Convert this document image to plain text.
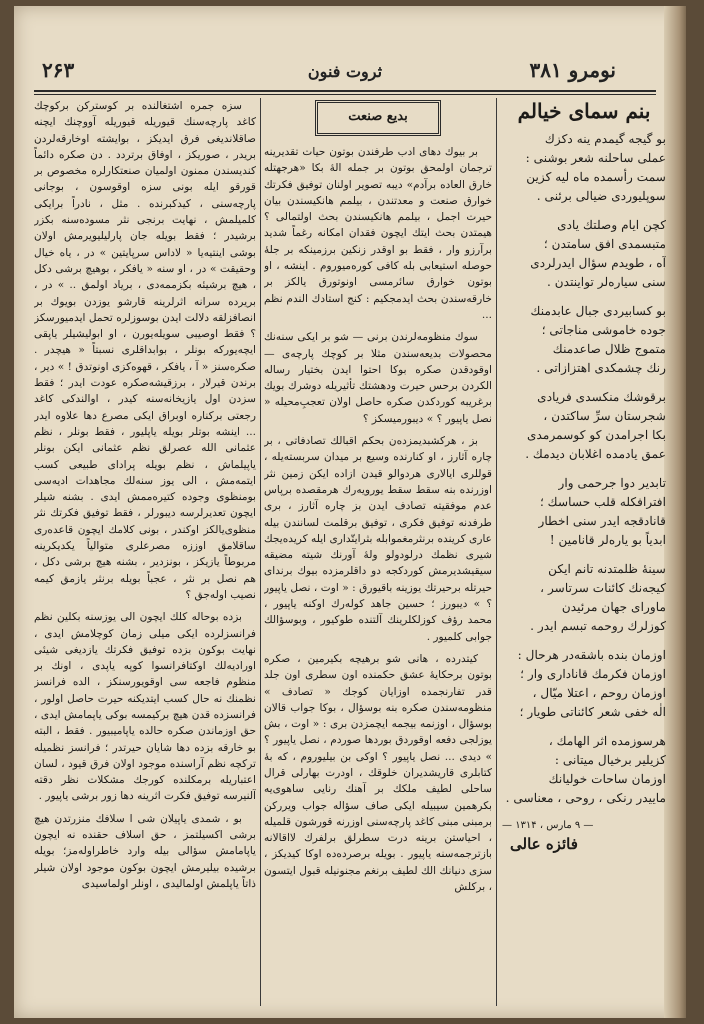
نومرو ۳۸۱
ثروت فنون
۲۶۳
بنم سمای خیالم
بو گیجه گیمدم ینه دکزك
عملی ساحلنه شعر بوشنی :
سمت رأسمده ماه لیه کزین
سوپلیوردی ضیالی برئنی .
کچن ایام وصلتك یادی
متبسمدی افق سامتدن ؛
آه ، طویدم سؤال ایدرلردی
سنی سیاره‌لر تواینتدن .
بو کسابیردی جبال عابدمنك
جوده خاموشی مناجاتی ؛
متموج ظلال صاعدمنك
رنك چشمکدی اهتزازاتی .
برقوشك منکسدی فریادی
شجرستان سرِّ ساکتدن ،
بکا اجرامدن کو کوسمرمدی
عمق یادمده اغلابان دیدمك .
تابدیر دوا جرحمی وار
افترافکله قلب حساسك ؛
قانادقجه ایدر سنی اخطار
ابدیاً بو یاره‌لر قانامین !
سینهٔ ظلمتدنه تا‌نم ایکن
کیجه‌نك کائنات سرتاسر ،
ماورای جهان مرئیدن
کوزلرك روحمه تبسم ایدر .
اوزمان بنده باشقه‌در هرحال :
اوزمان فکرمك قاناداری وار ؛
اوزمان روحم ، اعتلا میّال ،
الٰه خفی شعر کائناتی طویار ؛
هرسوزمده اثر الهامك ،
کزیلیر برخیال میتانی :
اوزمان ساحات خولیانك
ماییدر رنکی ، روحی ، معناسی .
— ۹ مارس ، ۱۳۱۴ —
فائزه عالی
بدیع صنعت

بر بیوك دهای ادب طرفندن بوتون حیات تقدیرینه ترجمان اولمحق بوتون بر جمله الهٔ بکا «هرجهتله خارق العاده برآدم» دیبه تصویر اولنان توفیق فکرتك خوارق صنعت و معدتندن ، بیلمم هانکیسندن بیان حیرت اجمل ، بیلمم هانکیسندن بحث اولتمالی ؟ هیمتدن بحث ایتك ایچون فقدان امکانه رغماً شدید برآرزو وار ، فقط بو اوقدر زنکین برزمینکه بر جلهٔ حوصله استیعابی بله کافی کوره‌میوروم . اینشه ، او بوتون خوارق سائرمسی اونوتورق یالکز بر خارقه‌سندن بحث ایدمجکیم : کنج استادك الندم نظم ...

سوك منظومه‌لرندن برنی — شو بر ایکی سنه‌نك محصولات بدیعه‌سندن مثلا بر کوچك پارچه‌ی — اوقودقدن صکره بوکا احتوا ایدن بختیار رساله الکردن برحس حیرت ودهشتك تأثیریله دوشرك بویك برغریبه کوردکدن صکره حاصل اولان تعجب‌ِمحیله « نصل یاپیور ؟ » دیبورمیسکز ؟

بز ، هرکشبدیمزده‌ن بحکم اقبالك تصادفاتی ، بر چاره آثارز ، او کنارنده وسیع بر میدان سربسته‌یله ، قوللری ایالاری هردوالو قیدن ازاده ایکن زمین نثر اوزرنده بنه سقط سقط یورو‌یه‌رك هرمقصده برپاس عدم موفقیته تصادف ایدن بز چاره آثارز ، بری طرفدنه توفیق فکری ، توفیق برقلمت لسانندن بیله عاری کرینده برنثرمغموابله بثر‌ایتّدا‌ری ایله کریده‌یجك شیری نظمك درلودولو ولهٔ آورنك شیته مضیقه سیقیشدیرمش کوردکجه دو داقلرمزده بیوك برندای حیرتله برحیرتك یوزینه باقیورق : « اوت ، نصل یاپیور ؟ » دیبورز ؛ حسین جاهد کوله‌رك اوکنه یاپیور ، محمد رؤف کوزلکلرینك آلتنده طوکیور ، وبوسؤالك جوابی کلمیور .

کیتدرده ، هانی شو برهیچه بکیرمین ، صکره بوتون برحکایهٔ عشق حکمنده اون سطری اون جلد قدر تفارنجمده اوزایان کوجك « تصادف » منظومه‌سندن صکره بنه بوسؤال ، بوکا جواب قالان بوسؤال ، اوزنمه بیجمه ایچمزدن بری : « اوت ، بش یوزلجی دفعه اوقوردق بوردها صوردم ، نصل یاپیور ؟ » دیدی ... نصل یاپیور ؟ اوکی بن بیلیوروم ، که بهٔ کتابلری قاریشدیران خلوقك ، اودرت بهارلی قرال ساحلی لطیف ملکك بر آهنك رنایی ساهوی‌یه بکرهمین سیبیله ایکی صاف سؤاله جواب ویررکن برمبنی مبنی کاغد پارچه‌سنی اوزرنه قورشون قلمیله ، احیاستن برینه درت سطرلق برلفرك لااقالانه بازترجمه‌سنه یاپیور . بویله برصرده‌ده اوکا کیدیکز ، سزی دنیانك الك لطیف برنغم مجنونیله قبول ایتسون ، برکلش

سزه جمره اشتغالنده بر کوسترکن برکوچك کاغد پارچه‌سنك قیوریله قیوریله آووچنك ایچنه صاقلاندیغی فرق ایدیکز ، بوایشته اوخارقه‌لردن بریدر ، صوریکز ، اوفاق برتردد . دن صکره دائماً کندیسندن ممنون اولمیان صنعتکارلره مخصوص بر قورقو ایله بونی سزه اوقوسون ، بوجانی پارچه‌سنی ، کیدکبرنده . مثل ، نادراً برایکی کلمیلمش ، نهایت برنجی نثر مسوده‌سنه بکزر برشیدر ؛ فقط بویله جان پارلیلیویرمش اولان بوشی اینتیه‌یا « لاداس سرپایتین » در ، یاه خیال وحقیقت » در ، او سنه « یافکر ، بوهیچ برشی دکل ، هیچ برشیئه بکزممه‌دی ، بریاد اولمق .. » در ، بریرده سرانه اثرلرینه قارشو یوزدن بویوك بر انصافزلقه دلالت ایدن بوسوزلره تحمل ایدمیورسکز ؟ فقط اوصیبی سویله‌یورن ، او ابولیشیلر یاپقی ایچه‌یورکه بونلر ، بوابداقلری نسبتاً « هیچدر . صکره‌سنز « آ ، یافکر ، قهوه‌کزی اونوتدق ! » دیر ، برندن قیرلار ، برزقیشه‌صکره عودت ایدر ؛ فقط سزدن اول یازیخانه‌سنه کیدر ، اوالندکی کاغد رجعتی برکناره اوبراق ایکی مصرع دها علاوه ایدر ... اینشه بوتلر بویله یاپلیور ، فقط بونلر ، نظم عثمانی الله عصرلق نظم عثمانی ایکن بونلر یاپیلماش ، نظم بویله پرادای طبیعی کسب ایتمه‌مش ، الی یوز سنه‌لك مجاهدات ادیه‌سی بومنظوی وجوده کتیره‌ممش ایدی . بشنه شیلر ایچون تعدیرلرسه دیبورلر ، فقط توفیق فکرتك نثر منظوی‌یالکز اوکندر ، بونی کلامك ایچون قاعده‌ری ساقلامق اوززه مصرعلری متوالیاً یکدیکرینه مربوطاً یازیکز ، بونزدیر ، بشنه هیچ برشی دکل ، هم نصل بر نثر ، عجباً بویله برنثر یازمق کیمه نصیب اوله‌جق ؟

بزده بوحاله کلك ایچون الی یوزسنه بکلین نظم فرانسزلرده ایکی میلی زمان کوچلامش ایدی ، نهایت بوکون بزده توفیق فکرتك یازدیغی شیئی اورادیه‌لك اوکتافرانسوا کوپه یاپدی ، اونك بر منظوم فاجعه سی اوقویورسنکز ، الده فرانسز نظمنك نه حال کسب ایتدیکنه حیرت حاصل اولور ، فرانسزده قدن هیچ برکیمسه بوکی یاپمامش ایدی ، حق اوزماندن صکره حالده یاپامیبیور . فقط ، البته بو خارقه بزده دها شایان حیرتدر ؛ فرانسز نظمیله ترکچه نظم آراسنده موجود اولان فرق قیود ، لسان اعتباریله برمکلنده کورجك مشکلات نظر دقته آلنیرسه توفیق فکرت اثرینه دها زور برشی یاپیور .

بو ، شمدی یاپیلان شی ا سلافك منزرتدن هیچ برشی اکسیلتمز ، حق اسلاف حقنده نه ایچون یاپامامش سؤالی بیله وارد خاطراوله‌مز؛ بویله برشیده بیلیرمش ایچون بوکون موجود اولان شیلر ذاتاً یاپلمش اولمالیدی ، اونلر اولماسیدی
